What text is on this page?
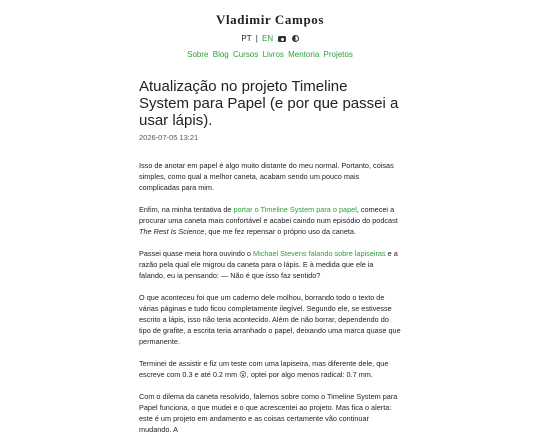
Vladimir Campos
PT | EN
Sobre Blog Cursos Livros Mentoria Projetos
Atualização no projeto Timeline System para Papel (e por que passei a usar lápis).
2026-07-05 13:21

Isso de anotar em papel é algo muito distante do meu normal. Portanto, coisas simples, como qual a melhor caneta, acabam sendo um pouco mais complicadas para mim.

Enfim, na minha tentativa de portar o Timeline System para o papel, comecei a procurar uma caneta mais confortável e acabei caindo num episódio do podcast The Rest Is Science, que me fez repensar o próprio uso da caneta.

Passei quase meia hora ouvindo o Michael Stevens falando sobre lapiseiras e a razão pela qual ele migrou da caneta para o lápis. E à medida que ele ia falando, eu ia pensando: — Não é que isso faz sentido?

O que aconteceu foi que um caderno dele molhou, borrando todo o texto de várias páginas e tudo ficou completamente ilegível. Segundo ele, se estivesse escrito a lápis, isso não teria acontecido. Além de não borrar, dependendo do tipo de grafite, a escrita teria arranhado o papel, deixando uma marca quase que permanente.

Terminei de assistir e fiz um teste com uma lapiseira, mas diferente dele, que escreve com 0.3 e até 0.2 mm 😮, optei por algo menos radical: 0.7 mm.

Com o dilema da caneta resolvido, falemos sobre como o Timeline System para Papel funciona, o que mudei e o que acrescentei ao projeto. Mas fica o alerta: este é um projeto em andamento e as coisas certamente vão continuar mudando. A
